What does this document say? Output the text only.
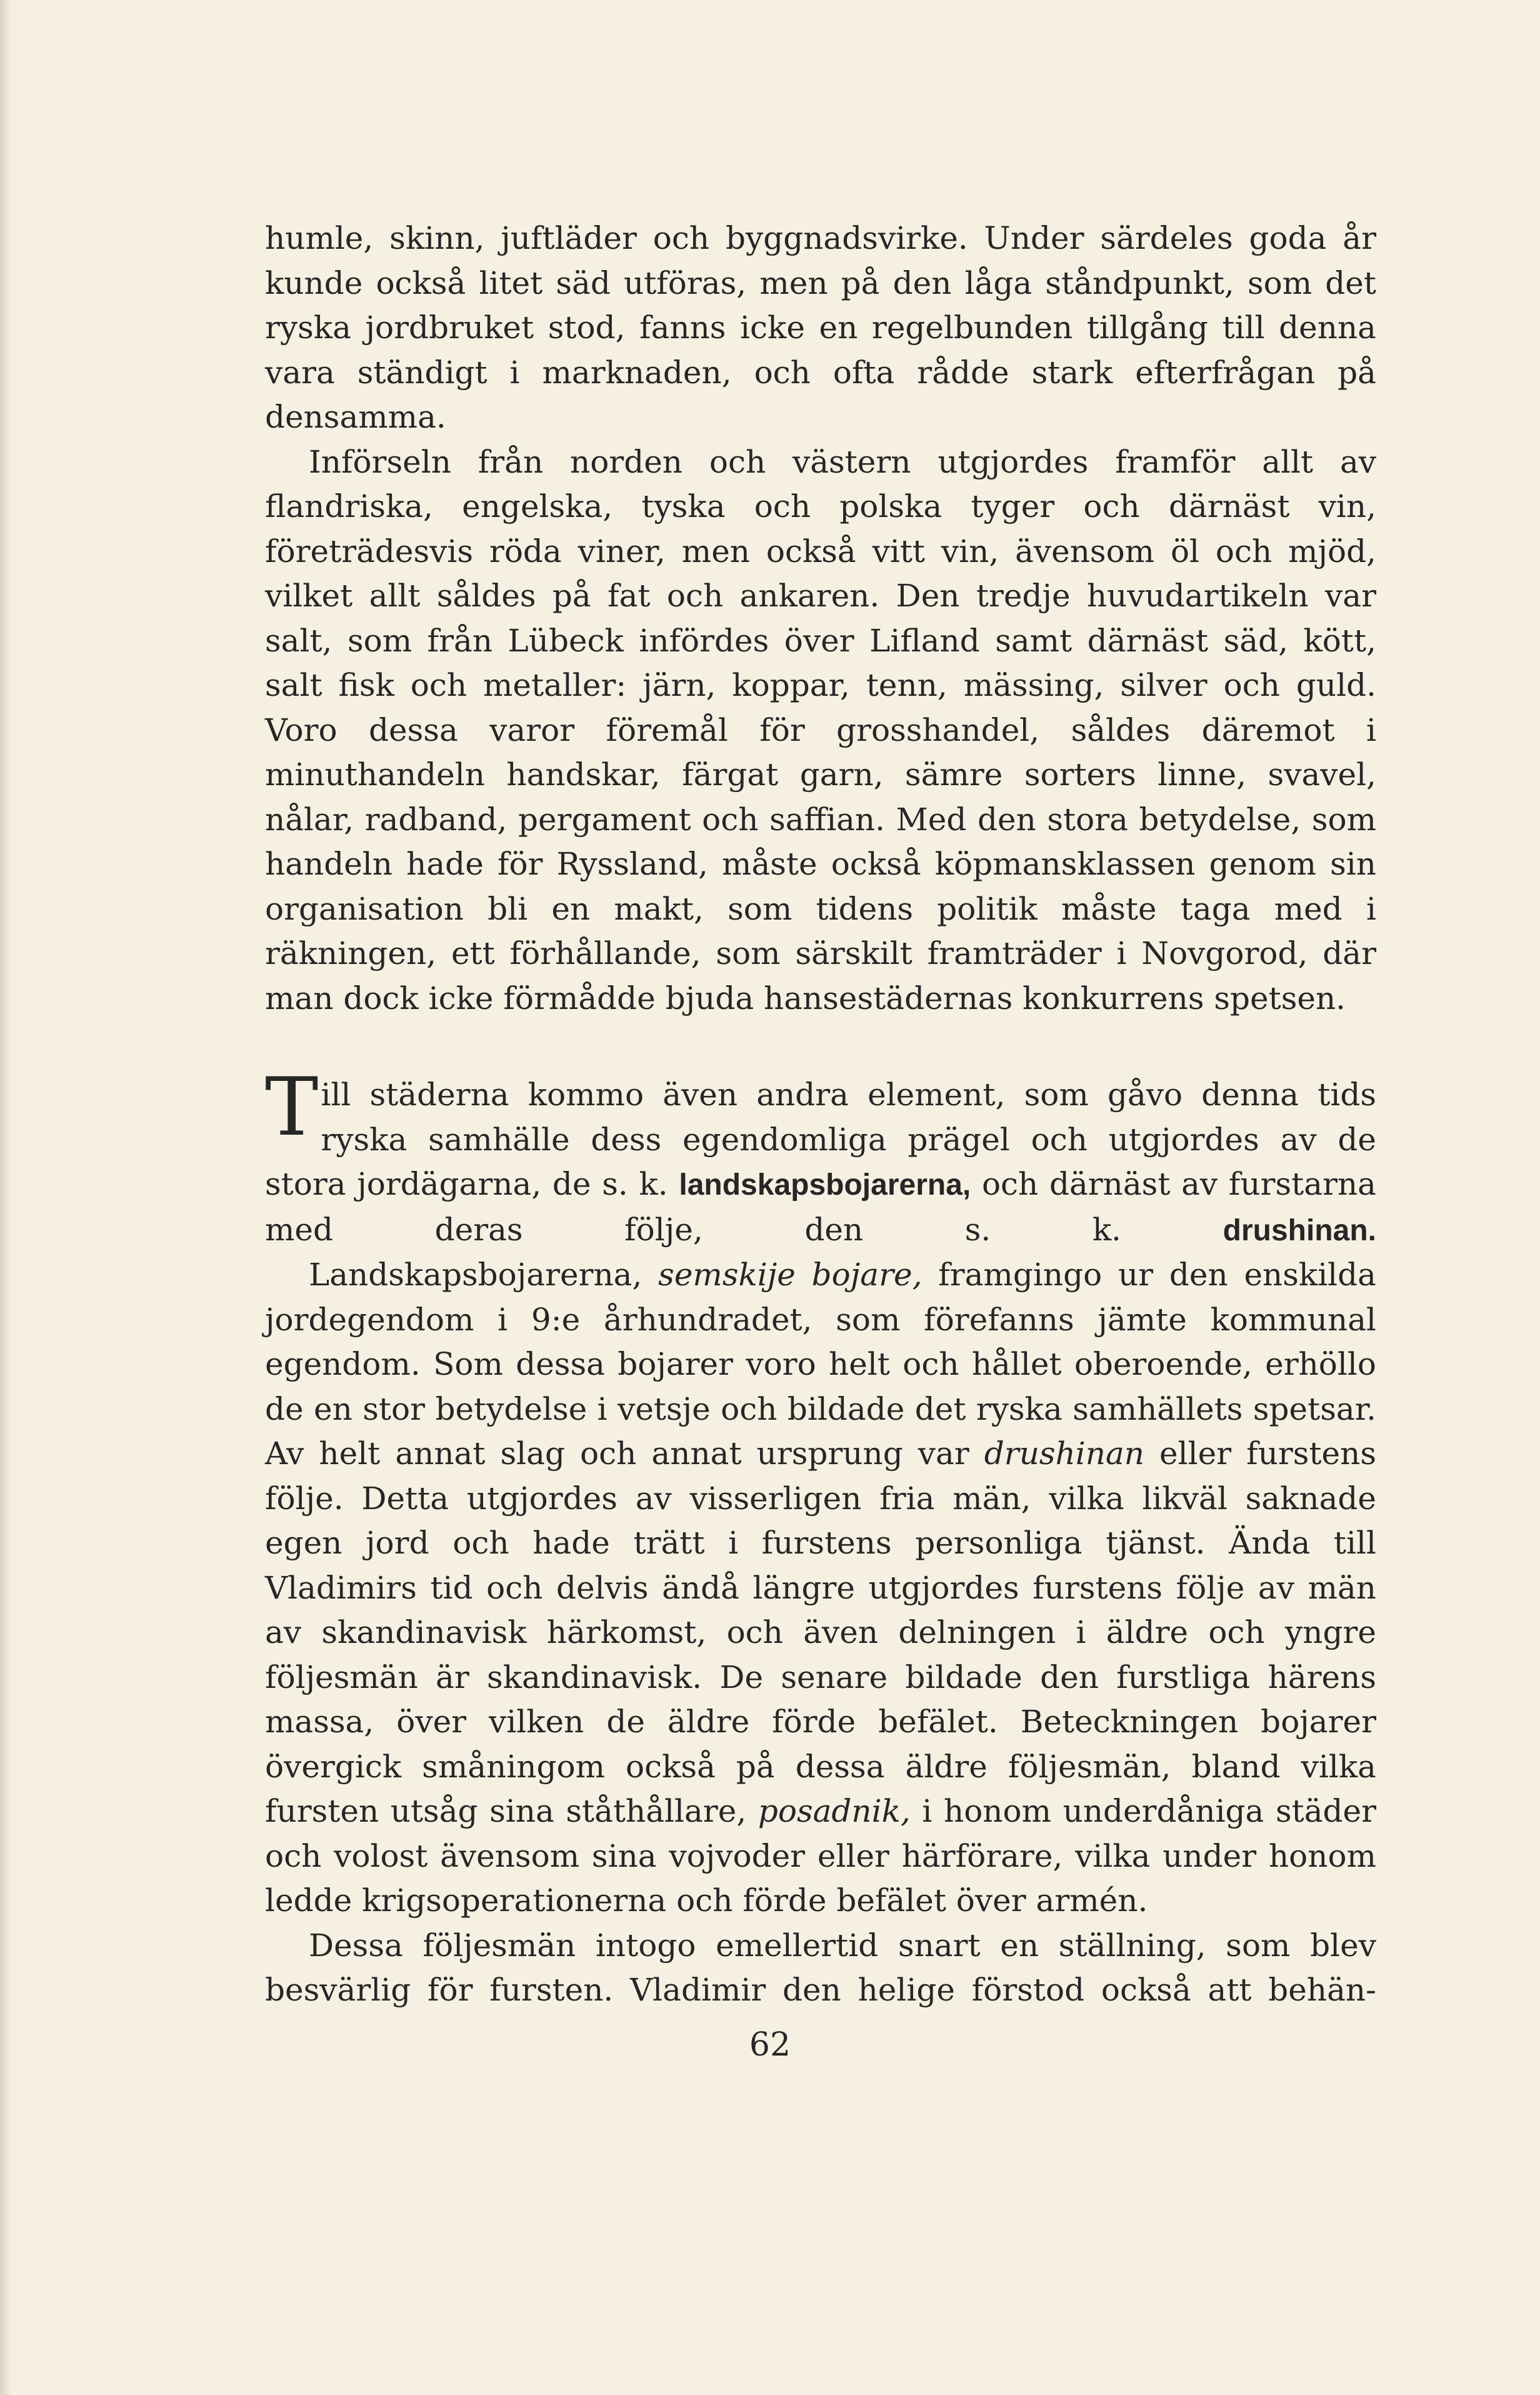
humle, skinn, juftläder och byggnadsvirke. Under särdeles goda år kunde också litet säd utföras, men på den låga ståndpunkt, som det ryska jordbruket stod, fanns icke en regelbunden tillgång till denna vara ständigt i marknaden, och ofta rådde stark efterfrågan på densamma.

Införseln från norden och västern utgjordes framför allt av flandriska, engelska, tyska och polska tyger och därnäst vin, företrädesvis röda viner, men också vitt vin, ävensom öl och mjöd, vilket allt såldes på fat och ankaren. Den tredje huvudartikeln var salt, som från Lübeck infördes över Lifland samt därnäst säd, kött, salt fisk och metaller: järn, koppar, tenn, mässing, silver och guld. Voro dessa varor föremål för grosshandel, såldes däremot i minuthandeln handskar, färgat garn, sämre sorters linne, svavel, nålar, radband, pergament och saffian. Med den stora betydelse, som handeln hade för Ryssland, måste också köpmansklassen genom sin organisation bli en makt, som tidens politik måste taga med i räkningen, ett förhållande, som särskilt framträder i Novgorod, där man dock icke förmådde bjuda hansestädernas konkurrens spetsen.

Till städerna kommo även andra element, som gåvo denna tids ryska samhälle dess egendomliga prägel och utgjordes av de stora jordägarna, de s. k. landskapsbojarerna, och därnäst av furstarna med deras följe, den s. k. drushinan.

Landskapsbojarerna, semskije bojare, framgingo ur den enskilda jordegendom i 9:e århundradet, som förefanns jämte kommunal egendom. Som dessa bojarer voro helt och hållet oberoende, erhöllo de en stor betydelse i vetsje och bildade det ryska samhällets spetsar. Av helt annat slag och annat ursprung var drushinan eller furstens följe. Detta utgjordes av visserligen fria män, vilka likväl saknade egen jord och hade trätt i furstens personliga tjänst. Ända till Vladimirs tid och delvis ändå längre utgjordes furstens följe av män av skandinavisk härkomst, och även delningen i äldre och yngre följesmän är skandinavisk. De senare bildade den furstliga härens massa, över vilken de äldre förde befälet. Beteckningen bojarer övergick småningom också på dessa äldre följesmän, bland vilka fursten utsåg sina ståthållare, posadnik, i honom underdåniga städer och volost ävensom sina vojvoder eller härförare, vilka under honom ledde krigsoperationerna och förde befälet över armén.

Dessa följesmän intogo emellertid snart en ställning, som blev besvärlig för fursten. Vladimir den helige förstod också att behän-

62
